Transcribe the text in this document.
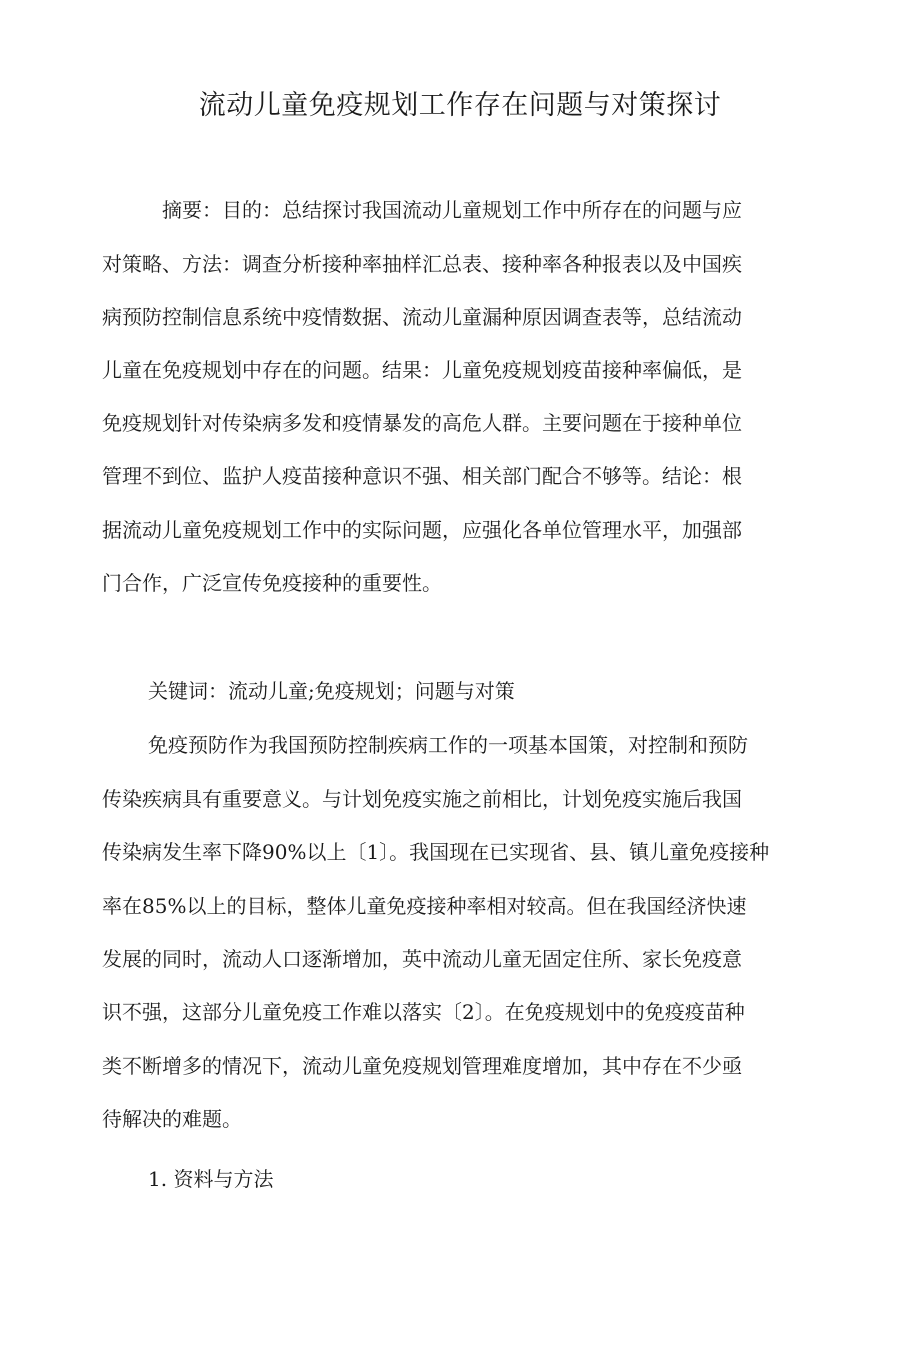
流动儿童免疫规划工作存在问题与对策探讨
摘要：目的：总结探讨我国流动儿童规划工作中所存在的问题与应
对策略、方法：调查分析接种率抽样汇总表、接种率各种报表以及中国疾
病预防控制信息系统中疫情数据、流动儿童漏种原因调查表等，总结流动
儿童在免疫规划中存在的问题。结果：儿童免疫规划疫苗接种率偏低，是
免疫规划针对传染病多发和疫情暴发的高危人群。主要问题在于接种单位
管理不到位、监护人疫苗接种意识不强、相关部门配合不够等。结论：根
据流动儿童免疫规划工作中的实际问题，应强化各单位管理水平，加强部
门合作，广泛宣传免疫接种的重要性。
关键词：流动儿童;免疫规划；问题与对策
免疫预防作为我国预防控制疾病工作的一项基本国策，对控制和预防
传染疾病具有重要意义。与计划免疫实施之前相比，计划免疫实施后我国
传染病发生率下降90%以上〔1〕。我国现在已实现省、县、镇儿童免疫接种
率在85%以上的目标，整体儿童免疫接种率相对较高。但在我国经济快速
发展的同时，流动人口逐渐增加，英中流动儿童无固定住所、家长免疫意
识不强，这部分儿童免疫工作难以落实〔2〕。在免疫规划中的免疫疫苗种
类不断增多的情况下，流动儿童免疫规划管理难度增加，其中存在不少亟
待解决的难题。
1. 资料与方法
